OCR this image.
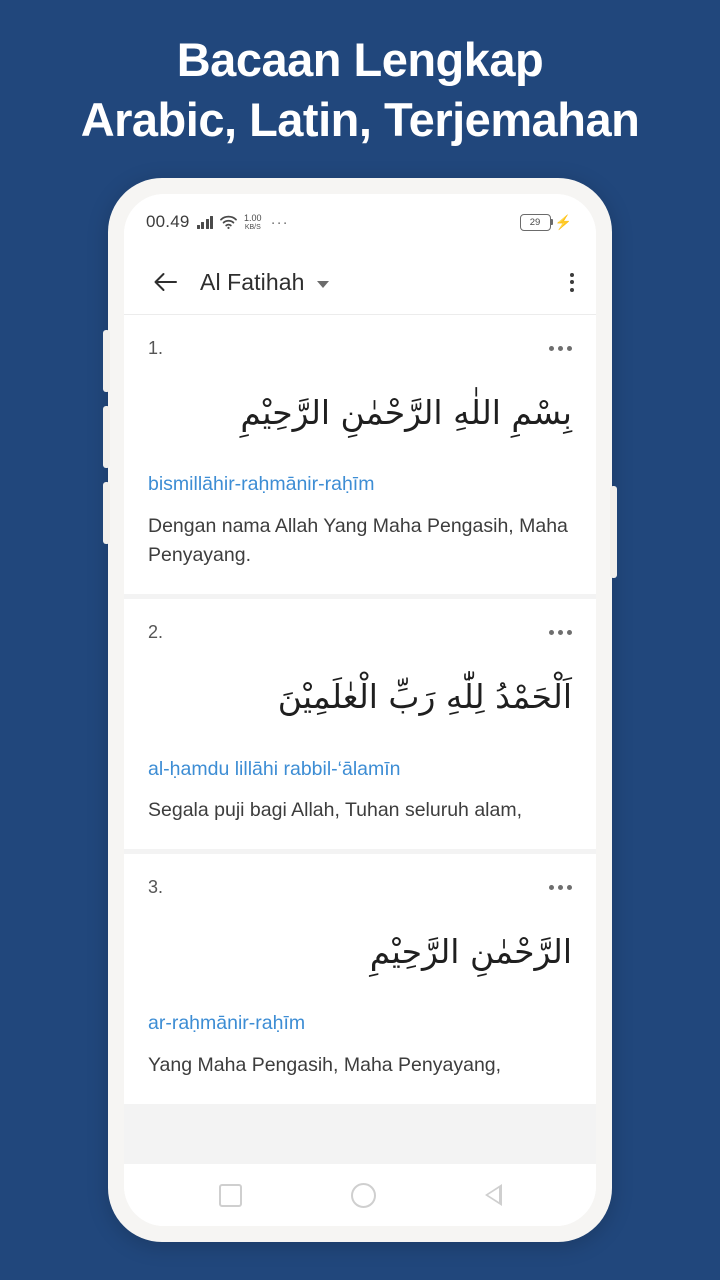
Bacaan Lengkap
Arabic, Latin, Terjemahan
00.49	1.00
KB/S ···	29 ⚡
Al Fatihah
1.
بِسْمِ اللٰهِ الرَّحْمٰنِ الرَّحِيْمِ
bismillāhir-raḥmānir-raḥīm
Dengan nama Allah Yang Maha Pengasih, Maha Penyayang.
2.
اَلْحَمْدُ لِلّٰهِ رَبِّ الْعٰلَمِيْنَ
al-ḥamdu lillāhi rabbil-‘ālamīn
Segala puji bagi Allah, Tuhan seluruh alam,
3.
الرَّحْمٰنِ الرَّحِيْمِ
ar-raḥmānir-raḥīm
Yang Maha Pengasih, Maha Penyayang,
